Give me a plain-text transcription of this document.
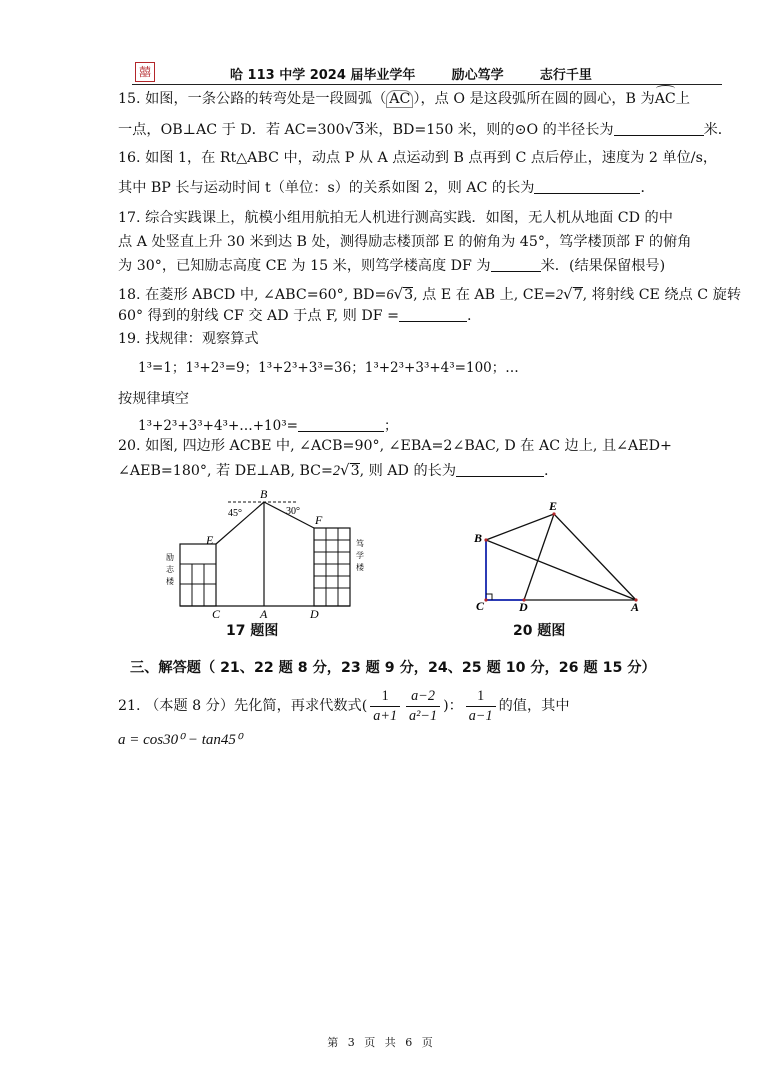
囍	哈 113 中学 2024 届毕业学年        励心笃学        志行千里
15. 如图，一条公路的转弯处是一段圆弧（ AC ），点 O 是这段弧所在圆的圆心，B 为AC上
一点，OB⊥AC 于 D．若 AC=300√3米，BD=150 米，则的⊙O 的半径长为	米．
16. 如图 1，在 Rt△ABC 中，动点 P 从 A 点运动到 B 点再到 C 点后停止，速度为 2 单位/s，
其中 BP 长与运动时间 t（单位：s）的关系如图 2，则 AC 的长为	．
17. 综合实践课上，航模小组用航拍无人机进行测高实践．如图，无人机从地面 CD 的中
点 A 处竖直上升 30 米到达 B 处，测得励志楼顶部 E 的俯角为 45°，笃学楼顶部 F 的俯角
为 30°，已知励志高度 CE 为 15 米，则笃学楼高度 DF 为	米．(结果保留根号)
18. 在菱形 ABCD 中, ∠ABC=60°, BD=6√3, 点 E 在 AB 上, CE=2√7, 将射线 CE 绕点 C 旋转
60° 得到的射线 CF 交 AD 于点 F, 则 DF =	.
19. 找规律：观察算式
1³=1；1³+2³=9；1³+2³+3³=36；1³+2³+3³+4³=100；…
按规律填空
1³+2³+3³+4³+…+10³=	；
20. 如图, 四边形 ACBE 中, ∠ACB=90°, ∠EBA=2∠BAC, D 在 AC 边上, 且∠AED+
∠AEB=180°, 若 DE⊥AB, BC=2√3, 则 AD 的长为	.
B
E
F
C	A	D
45°	30°
励
志
楼
笃
学
楼
17 题图
B
E
C	D	A
20 题图
三、解答题（ 21、22 题 8 分，23 题 9 分，24、25 题 10 分，26 题 15 分）
21. （本题 8 分）先化简，再求代数式( $\frac{1}{a+1} \frac{a-2}{\text{a²−1}}$ )： $\frac{1}{a-1}$ 的值，其中
a = cos30⁰ − tan45⁰
第 3 页 共 6 页
